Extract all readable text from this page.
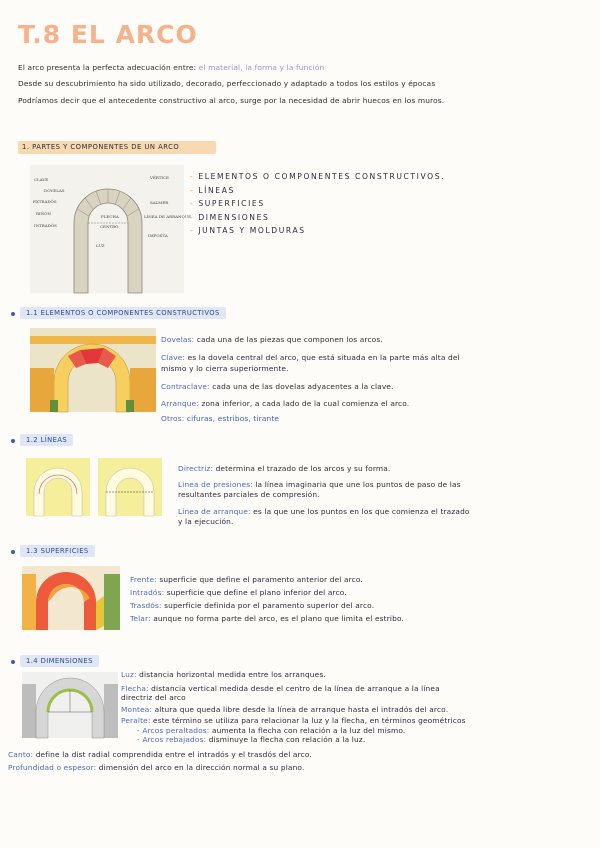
T.8 EL ARCO
El arco presenta la perfecta adecuación entre: el material, la forma y la función
Desde su descubrimiento ha sido utilizado, decorado, perfeccionado y adaptado a todos los estilos y épocas
Podríamos decir que el antecedente constructivo al arco, surge por la necesidad de abrir huecos en los muros.
1. PARTES Y COMPONENTES DE UN ARCO
CLAVE
DOVELAS
EXTRADÓS
RIÑÓN
INTRADÓS
FLECHA
CENTRO
LUZ
VÉRTICE
SALMER
LÍNEA DE ARRANQUE
IMPOSTA
- ELEMENTOS O COMPONENTES CONSTRUCTIVOS.
- LÍNEAS
- SUPERFICIES
- DIMENSIONES
- JUNTAS Y MOLDURAS
1.1 ELEMENTOS O COMPONENTES CONSTRUCTIVOS
Dovelas: cada una de las piezas que componen los arcos.
Clave: es la dovela central del arco, que está situada en la parte más alta del
mismo y lo cierra superiormente.
Contraclave: cada una de las dovelas adyacentes a la clave.
Arranque: zona inferior, a cada lado de la cual comienza el arco.
Otros: cifuras, estribos, tirante
1.2 LÍNEAS
Directriz: determina el trazado de los arcos y su forma.
Línea de presiones: la línea imaginaria que une los puntos de paso de las
resultantes parciales de compresión.
Línea de arranque: es la que une los puntos en los que comienza el trazado
y la ejecución.
1.3 SUPERFICIES
Frente: superficie que define el paramento anterior del arco.
Intradós: superficie que define el plano inferior del arco.
Trasdós: superficie definida por el paramento superior del arco.
Telar: aunque no forma parte del arco, es el plano que limita el estribo.
1.4 DIMENSIONES
Luz: distancia horizontal medida entre los arranques.
Flecha: distancia vertical medida desde el centro de la línea de arranque a la línea
directriz del arco
Montea: altura que queda libre desde la línea de arranque hasta el intradós del arco.
Peralte: este término se utiliza para relacionar la luz y la flecha, en términos geométricos
- Arcos peraltados: aumenta la flecha con relación a la luz del mismo.
- Arcos rebajados: disminuye la flecha con relación a la luz.
Canto: define la dist radial comprendida entre el intradós y el trasdós del arco.
Profundidad o espesor: dimensión del arco en la dirección normal a su plano.
